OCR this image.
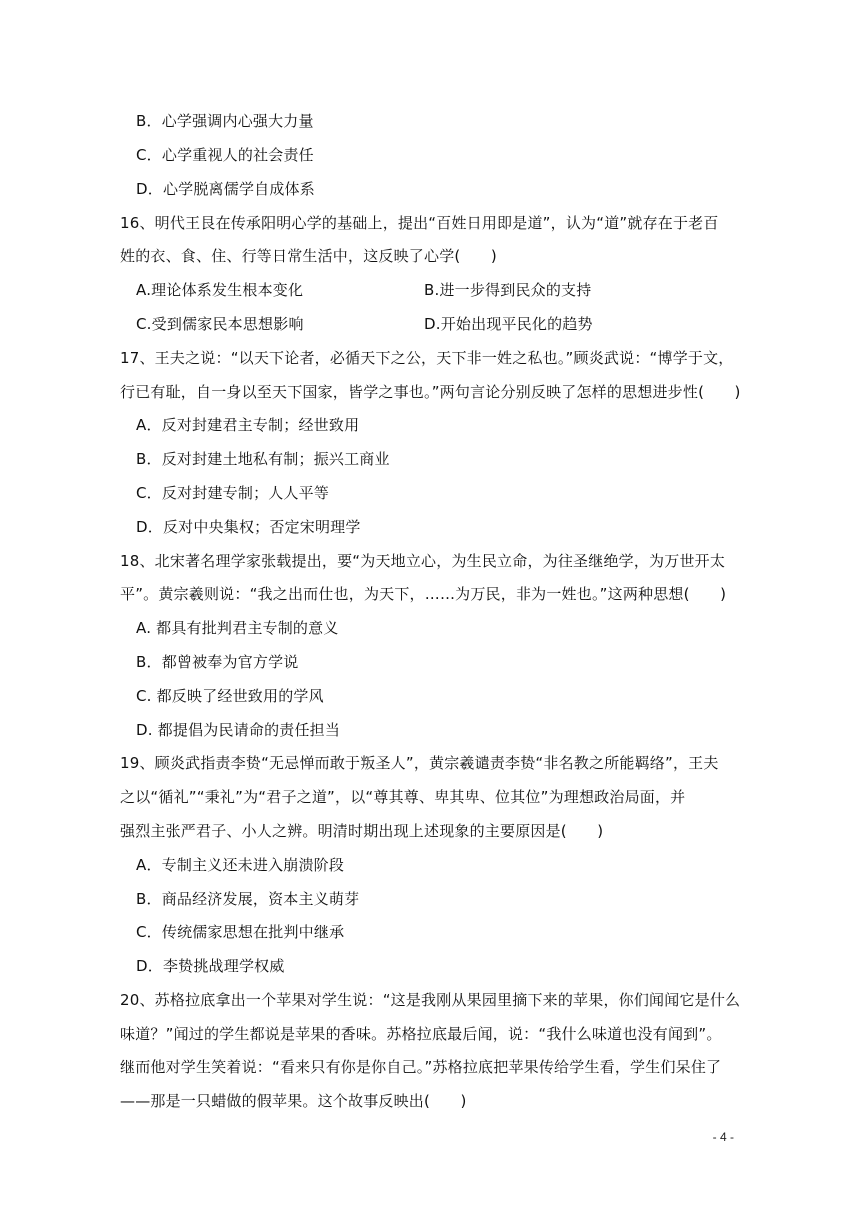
B．心学强调内心强大力量
C．心学重视人的社会责任
D．心学脱离儒学自成体系
16、明代王艮在传承阳明心学的基础上，提出“百姓日用即是道”，认为“道”就存在于老百
姓的衣、食、住、行等日常生活中，这反映了心学(　　)
A.理论体系发生根本变化	B.进一步得到民众的支持
C.受到儒家民本思想影响	D.开始出现平民化的趋势
17、王夫之说：“以天下论者，必循天下之公，天下非一姓之私也。”顾炎武说：“博学于文，
行已有耻，自一身以至天下国家，皆学之事也。”两句言论分别反映了怎样的思想进步性(　　)
A．反对封建君主专制；经世致用
B．反对封建土地私有制；振兴工商业
C．反对封建专制；人人平等
D．反对中央集权；否定宋明理学
18、北宋著名理学家张载提出，要“为天地立心，为生民立命，为往圣继绝学，为万世开太
平”。黄宗羲则说：“我之出而仕也，为天下，……为万民，非为一姓也。”这两种思想(　　)
A. 都具有批判君主专制的意义
B．都曾被奉为官方学说
C. 都反映了经世致用的学风
D. 都提倡为民请命的责任担当
19、顾炎武指责李贽“无忌惮而敢于叛圣人”，黄宗羲谴责李贽“非名教之所能羁络”，王夫
之以“循礼”“秉礼”为“君子之道”，以“尊其尊、卑其卑、位其位”为理想政治局面，并
强烈主张严君子、小人之辨。明清时期出现上述现象的主要原因是(　　)
A．专制主义还未进入崩溃阶段
B．商品经济发展，资本主义萌芽
C．传统儒家思想在批判中继承
D．李贽挑战理学权威
20、苏格拉底拿出一个苹果对学生说：“这是我刚从果园里摘下来的苹果，你们闻闻它是什么
味道？”闻过的学生都说是苹果的香味。苏格拉底最后闻，说：“我什么味道也没有闻到”。
继而他对学生笑着说：“看来只有你是你自己。”苏格拉底把苹果传给学生看，学生们呆住了
——那是一只蜡做的假苹果。这个故事反映出(　　)
- 4 -
